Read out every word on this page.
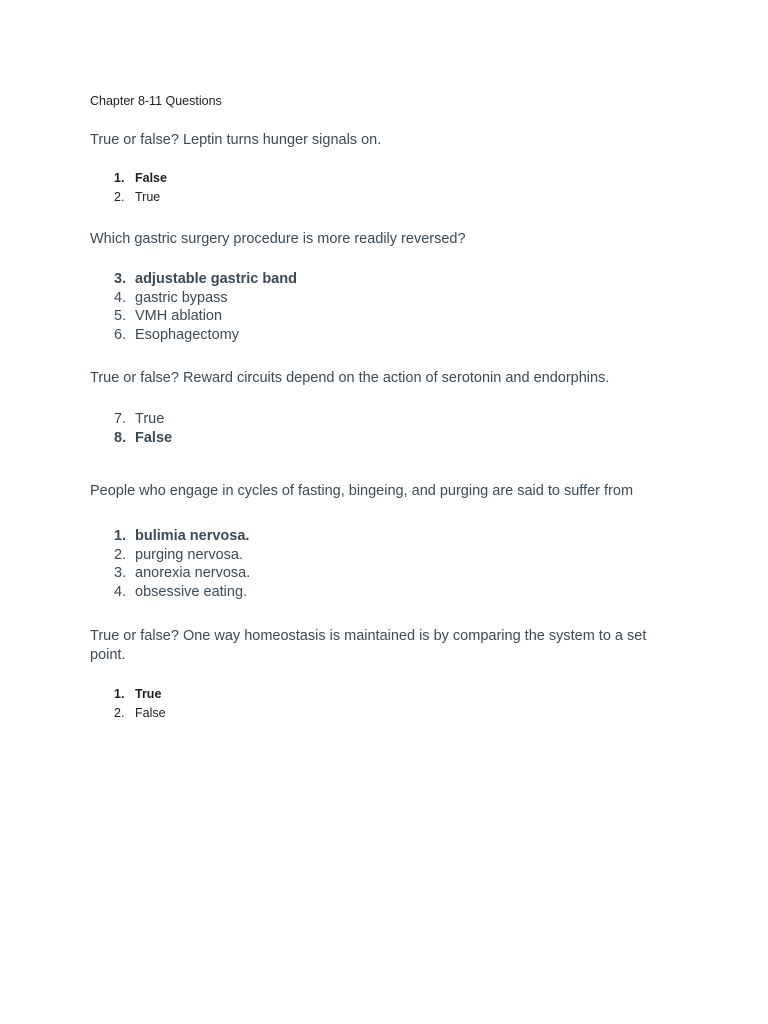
Chapter 8-11 Questions
True or false? Leptin turns hunger signals on.
1. False
2. True
Which gastric surgery procedure is more readily reversed?
3. adjustable gastric band
4. gastric bypass
5. VMH ablation
6. Esophagectomy
True or false? Reward circuits depend on the action of serotonin and endorphins.
7. True
8. False
People who engage in cycles of fasting, bingeing, and purging are said to suffer from
1. bulimia nervosa.
2. purging nervosa.
3. anorexia nervosa.
4. obsessive eating.
True or false? One way homeostasis is maintained is by comparing the system to a set point.
1. True
2. False
